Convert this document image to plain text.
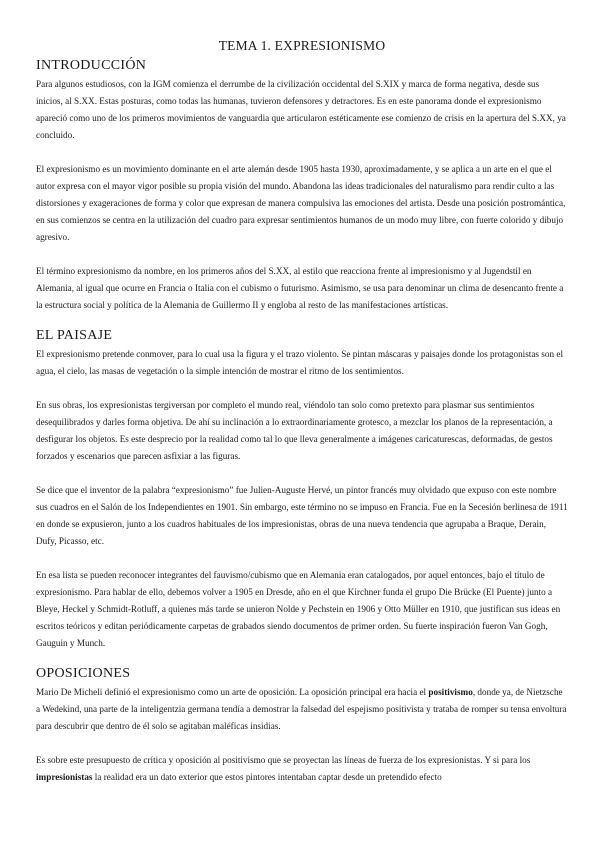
TEMA 1. EXPRESIONISMO
INTRODUCCIÓN

Para algunos estudiosos, con la IGM comienza el derrumbe de la civilización occidental del S.XIX y marca de forma negativa, desde sus inicios, al S.XX. Estas posturas, como todas las humanas, tuvieron defensores y detractores. Es en este panorama donde el expresionismo apareció como uno de los primeros movimientos de vanguardia que articularon estéticamente ese comienzo de crisis en la apertura del S.XX, ya concluido.

El expresionismo es un movimiento dominante en el arte alemán desde 1905 hasta 1930, aproximadamente, y se aplica a un arte en el que el autor expresa con el mayor vigor posible su propia visión del mundo. Abandona las ideas tradicionales del naturalismo para rendir culto a las distorsiones y exageraciones de forma y color que expresan de manera compulsiva las emociones del artista. Desde una posición postromántica, en sus comienzos se centra en la utilización del cuadro para expresar sentimientos humanos de un modo muy libre, con fuerte colorido y dibujo agresivo.

El término expresionismo da nombre, en los primeros años del S.XX, al estilo que reacciona frente al impresionismo y al Jugendstil en Alemania, al igual que ocurre en Francia o Italia con el cubismo o futurismo. Asimismo, se usa para denominar un clima de desencanto frente a la estructura social y política de la Alemania de Guillermo II y engloba al resto de las manifestaciones artísticas.

EL PAISAJE

El expresionismo pretende conmover, para lo cual usa la figura y el trazo violento. Se pintan máscaras y paisajes donde los protagonistas son el agua, el cielo, las masas de vegetación o la simple intención de mostrar el ritmo de los sentimientos.

En sus obras, los expresionistas tergiversan por completo el mundo real, viéndolo tan solo como pretexto para plasmar sus sentimientos desequilibrados y darles forma objetiva. De ahí su inclinación a lo extraordinariamente grotesco, a mezclar los planos de la representación, a desfigurar los objetos. Es este desprecio por la realidad como tal lo que lleva generalmente a imágenes caricaturescas, deformadas, de gestos forzados y escenarios que parecen asfixiar a las figuras.

Se dice que el inventor de la palabra “expresionismo” fue Julien-Auguste Hervé, un pintor francés muy olvidado que expuso con este nombre sus cuadros en el Salón de los Independientes en 1901. Sin embargo, este término no se impuso en Francia. Fue en la Secesión berlinesa de 1911 en donde se expusieron, junto a los cuadros habituales de los impresionistas, obras de una nueva tendencia que agrupaba a Braque, Derain, Dufy, Picasso, etc.

En esa lista se pueden reconocer integrantes del fauvismo/cubismo que en Alemania eran catalogados, por aquel entonces, bajo el título de expresionismo. Para hablar de ello, debemos volver a 1905 en Dresde, año en el que Kirchner funda el grupo Die Brücke (El Puente) junto a Bleye, Heckel y Schmidt-Rotluff, a quienes más tarde se unieron Nolde y Pechstein en 1906 y Otto Müller en 1910, que justifican sus ideas en escritos teóricos y editan periódicamente carpetas de grabados siendo documentos de primer orden. Su fuerte inspiración fueron Van Gogh, Gauguin y Munch.

OPOSICIONES

Mario De Micheli definió el expresionismo como un arte de oposición. La oposición principal era hacia el positivismo, donde ya, de Nietzsche a Wedekind, una parte de la inteligentzia germana tendía a demostrar la falsedad del espejismo positivista y trataba de romper su tensa envoltura para descubrir que dentro de él solo se agitaban maléficas insidias.

Es sobre este presupuesto de crítica y oposición al positivismo que se proyectan las líneas de fuerza de los expresionistas. Y si para los impresionistas la realidad era un dato exterior que estos pintores intentaban captar desde un pretendido efecto
